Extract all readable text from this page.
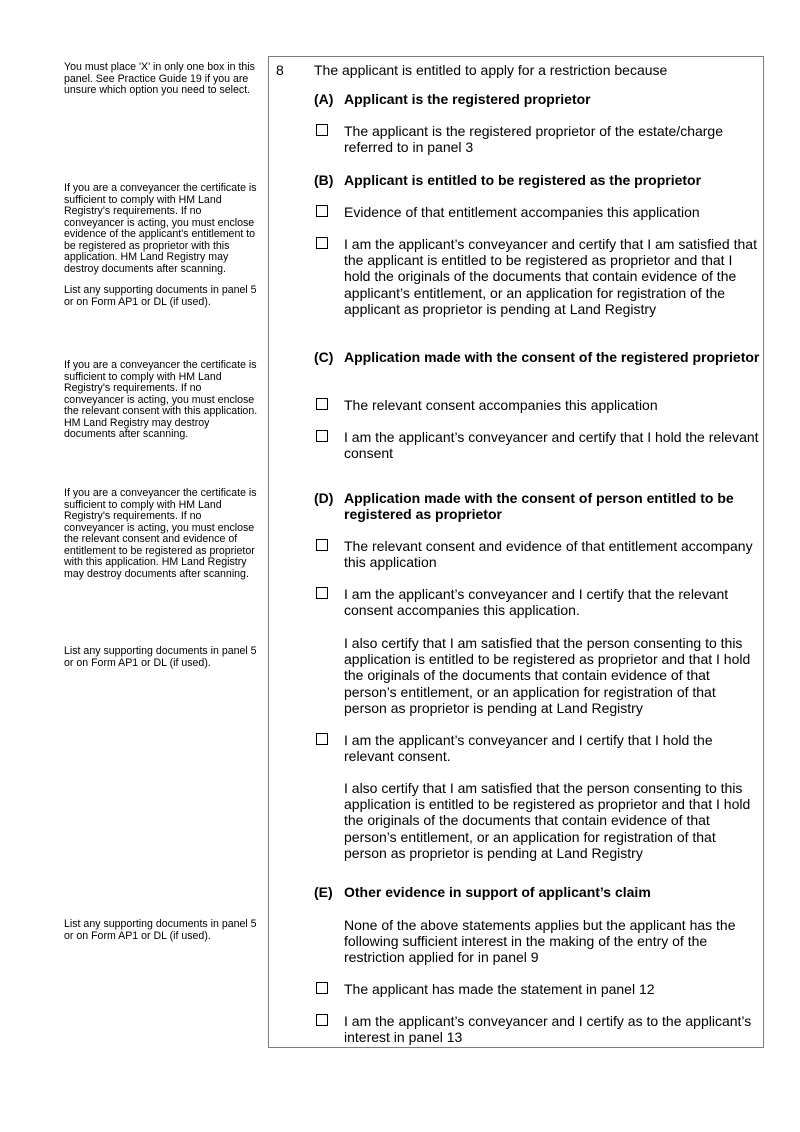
You must place 'X' in only one box in this panel. See Practice Guide 19 if you are unsure which option you need to select.

If you are a conveyancer the certificate is sufficient to comply with HM Land Registry's requirements. If no conveyancer is acting, you must enclose evidence of the applicant's entitlement to be registered as proprietor with this application. HM Land Registry may destroy documents after scanning.

List any supporting documents in panel 5 or on Form AP1 or DL (if used).

If you are a conveyancer the certificate is sufficient to comply with HM Land Registry's requirements. If no conveyancer is acting, you must enclose the relevant consent with this application. HM Land Registry may destroy documents after scanning.

If you are a conveyancer the certificate is sufficient to comply with HM Land Registry's requirements. If no conveyancer is acting, you must enclose the relevant consent and evidence of entitlement to be registered as proprietor with this application. HM Land Registry may destroy documents after scanning.

List any supporting documents in panel 5 or on Form AP1 or DL (if used).

List any supporting documents in panel 5 or on Form AP1 or DL (if used).

8 The applicant is entitled to apply for a restriction because
(A) Applicant is the registered proprietor
The applicant is the registered proprietor of the estate/charge referred to in panel 3
(B) Applicant is entitled to be registered as the proprietor
Evidence of that entitlement accompanies this application
I am the applicant’s conveyancer and certify that I am satisfied that the applicant is entitled to be registered as proprietor and that I hold the originals of the documents that contain evidence of the applicant’s entitlement, or an application for registration of the applicant as proprietor is pending at Land Registry
(C) Application made with the consent of the registered proprietor
The relevant consent accompanies this application
I am the applicant’s conveyancer and certify that I hold the relevant consent
(D) Application made with the consent of person entitled to be registered as proprietor
The relevant consent and evidence of that entitlement accompany this application
I am the applicant’s conveyancer and I certify that the relevant consent accompanies this application.
I also certify that I am satisfied that the person consenting to this application is entitled to be registered as proprietor and that I hold the originals of the documents that contain evidence of that person’s entitlement, or an application for registration of that person as proprietor is pending at Land Registry
I am the applicant’s conveyancer and I certify that I hold the relevant consent.
I also certify that I am satisfied that the person consenting to this application is entitled to be registered as proprietor and that I hold the originals of the documents that contain evidence of that person’s entitlement, or an application for registration of that person as proprietor is pending at Land Registry
(E) Other evidence in support of applicant’s claim
None of the above statements applies but the applicant has the following sufficient interest in the making of the entry of the restriction applied for in panel 9
The applicant has made the statement in panel 12
I am the applicant’s conveyancer and I certify as to the applicant’s interest in panel 13
